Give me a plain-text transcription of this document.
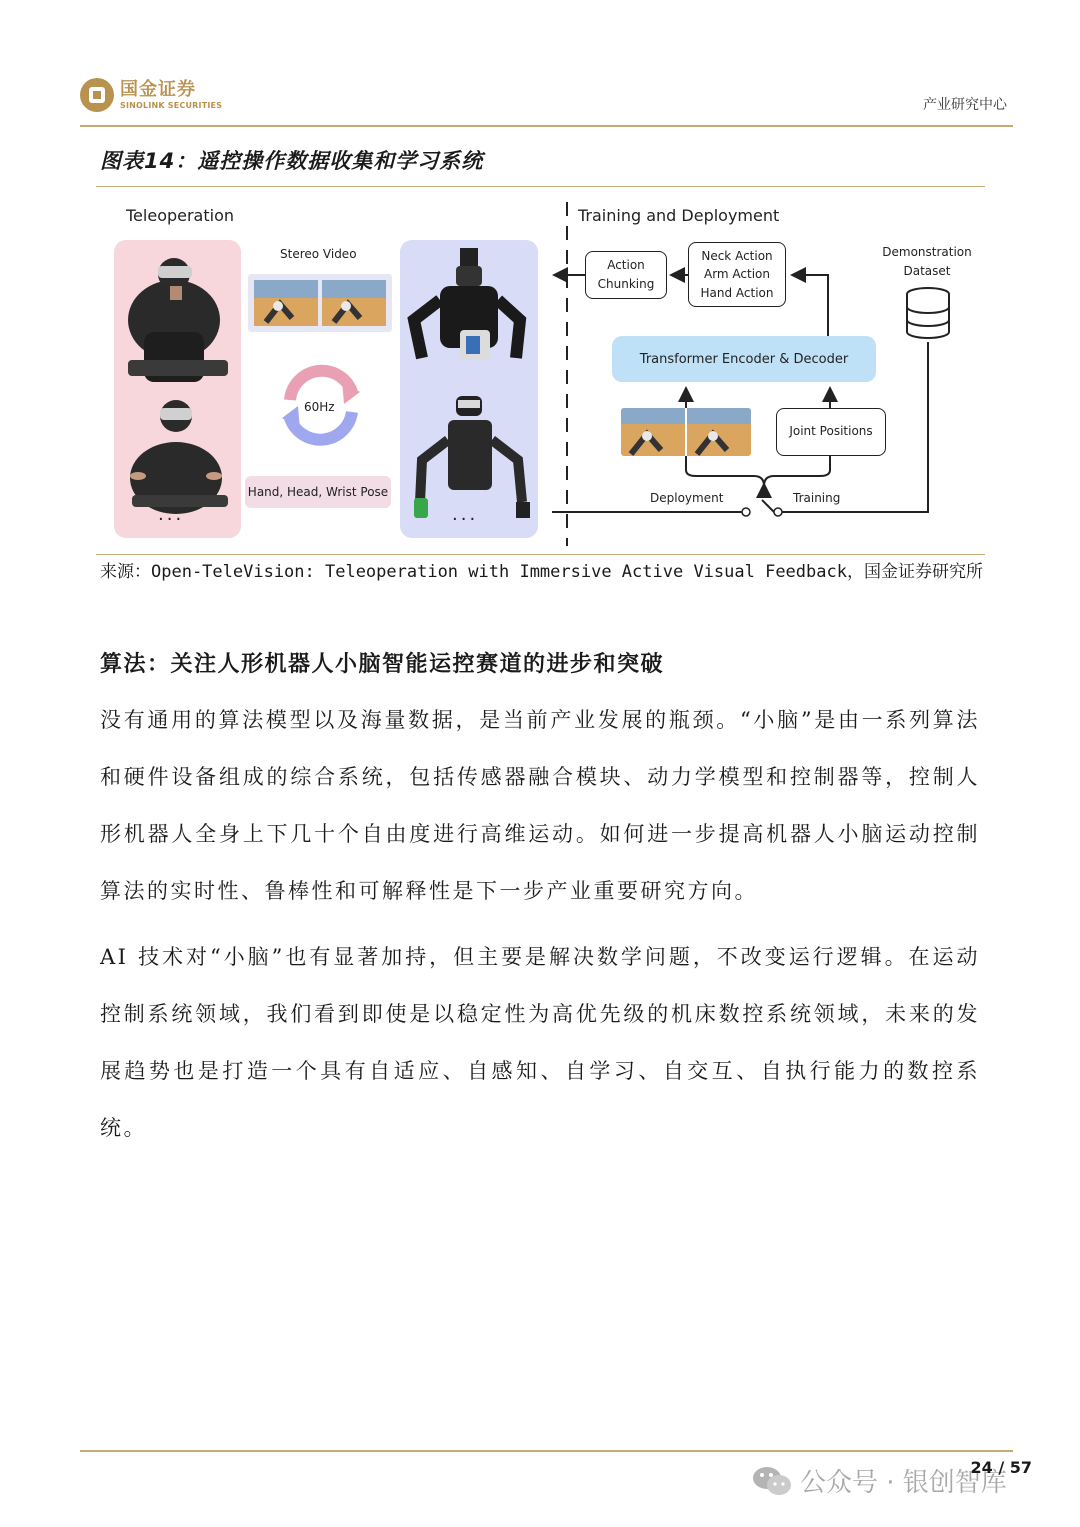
国金证券
SINOLINK SECURITIES	产业研究中心
图表14：遥控操作数据收集和学习系统
Teleoperation
...
Stereo Video
60Hz
Hand, Head, Wrist Pose
...
Training and Deployment
Action Chunking
Neck Action
Arm Action
Hand Action
Demonstration Dataset
Transformer Encoder & Decoder
Joint Positions
Deployment	Training
来源：Open-TeleVision: Teleoperation with Immersive Active Visual Feedback，国金证券研究所
算法：关注人形机器人小脑智能运控赛道的进步和突破
没有通用的算法模型以及海量数据，是当前产业发展的瓶颈。“小脑”是由一系列算法和硬件设备组成的综合系统，包括传感器融合模块、动力学模型和控制器等，控制人形机器人全身上下几十个自由度进行高维运动。如何进一步提高机器人小脑运动控制算法的实时性、鲁棒性和可解释性是下一步产业重要研究方向。
AI 技术对“小脑”也有显著加持，但主要是解决数学问题，不改变运行逻辑。在运动控制系统领域，我们看到即使是以稳定性为高优先级的机床数控系统领域，未来的发展趋势也是打造一个具有自适应、自感知、自学习、自交互、自执行能力的数控系统。
公众号 · 银创智库
24 / 57
